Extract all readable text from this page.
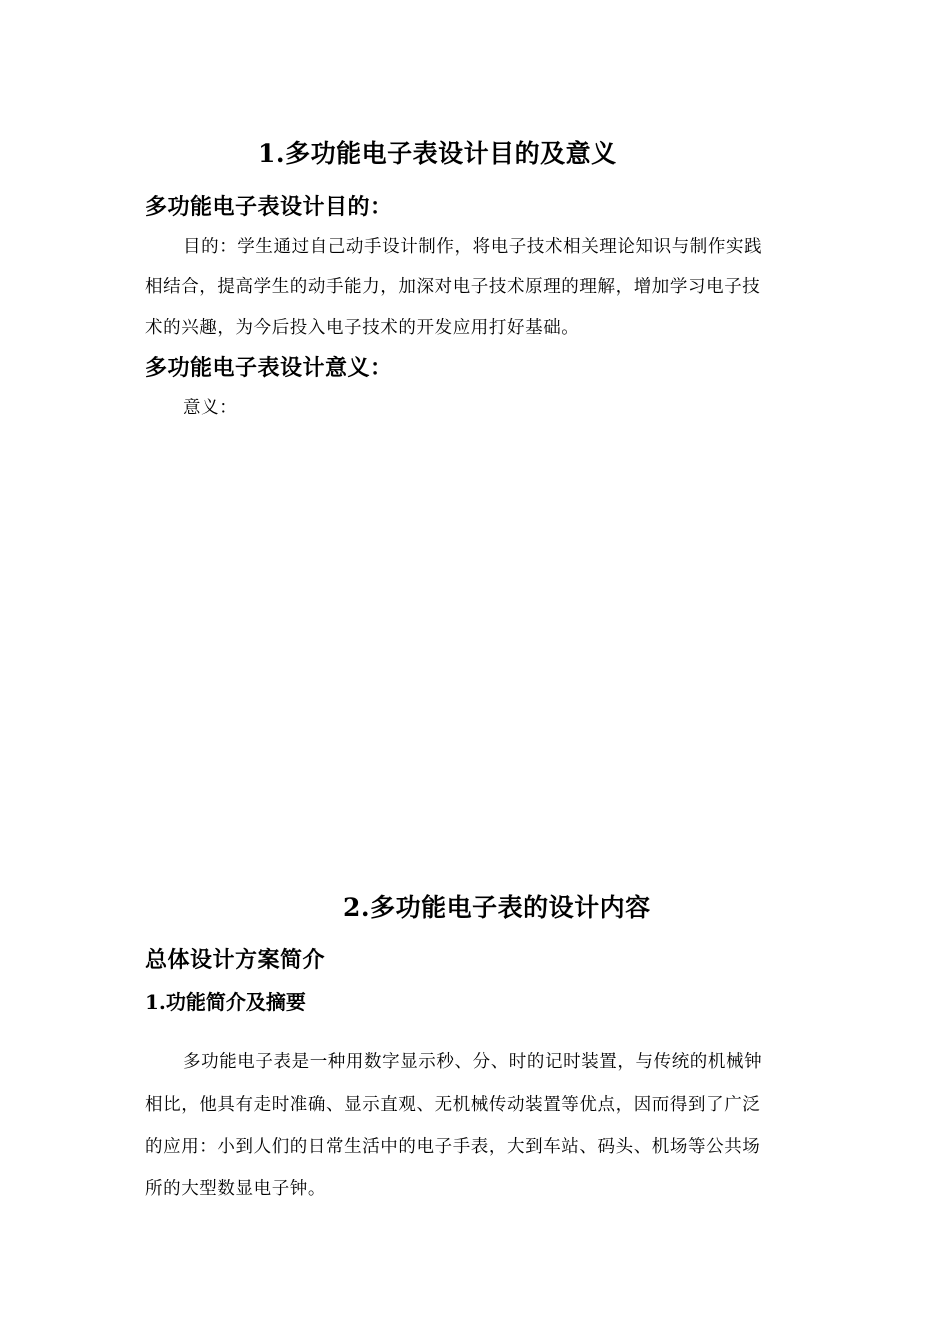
1.多功能电子表设计目的及意义
多功能电子表设计目的：

目的：学生通过自己动手设计制作，将电子技术相关理论知识与制作实践

相结合，提高学生的动手能力，加深对电子技术原理的理解，增加学习电子技

术的兴趣，为今后投入电子技术的开发应用打好基础。

多功能电子表设计意义：

意义：

2.多功能电子表的设计内容
总体设计方案简介
1.功能简介及摘要

多功能电子表是一种用数字显示秒、分、时的记时装置，与传统的机械钟

相比，他具有走时准确、显示直观、无机械传动装置等优点，因而得到了广泛

的应用：小到人们的日常生活中的电子手表，大到车站、码头、机场等公共场

所的大型数显电子钟。
